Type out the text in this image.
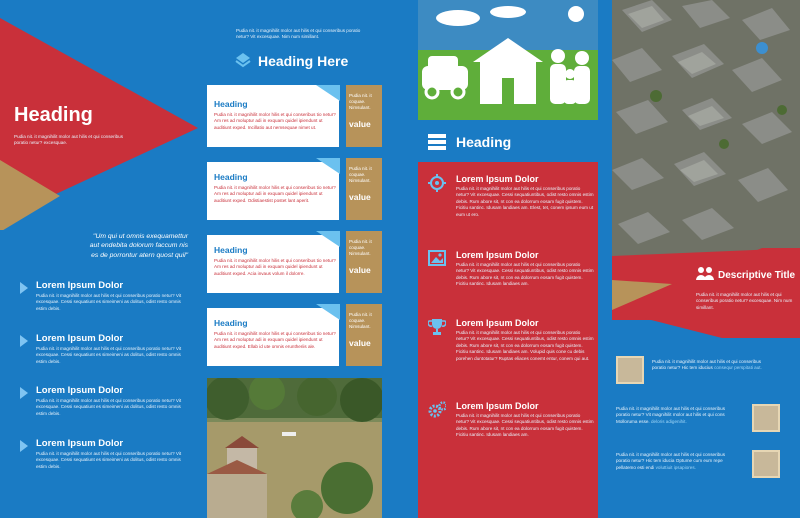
Heading
Pudia nit. it magnihilit molor aut hilis et qui conseribus poratio netur? excesquae.
"Um qui ut omnis exequamettur aut endebita dolorum faccum nis es de porrontur atern quost quil"
Lorem Ipsum Dolor
Pudia nit. it magnihilit molor aut hilis et qui conseribus poratio netur? Vit excesquae. Cessi sequatiunt es simeimeni as dolitus, odist resto omnis estim debis.
Lorem Ipsum Dolor
Pudia nit. it magnihilit molor aut hilis et qui conseribus poratio netur? Vit excesquae. Cessi sequatiunt es simeimeni as dolitus, odist resto omnis estim debis.
Lorem Ipsum Dolor
Pudia nit. it magnihilit molor aut hilis et qui conseribus poratio netur? Vit excesquae. Cessi sequatiunt es simeimeni as dolitus, odist resto omnis estim debis.
Lorem Ipsum Dolor
Pudia nit. it magnihilit molor aut hilis et qui conseribus poratio netur? Vit excesquae. Cessi sequatiunt es simeimeni as dolitus, odist resto omnis estim debis.
Pudia nit. it magnihilit molor aut hilis et qui conseribus poratio netur? Vit excesquae. Nim num simillant.
Heading Here
Heading
Pudia nit. it magnihilit molor hilis et qui conseribus tio netur? Am res ad moluptur adi in exquam quidel ipiendunt ut auditiunt exped. Incillatio aut nemsequae nimet ut.
Pudia nit. it coquae. Nimsulant.
value
Heading
Pudia nit. it magnihilit molor hilis et qui conseribus tio netur? Am res ad moluptur adi in exquam quidel ipiendunt ut auditiunt exped. Odistiaestist postet lant aperit.
Pudia nit. it coquae. Nimsulant.
value
Heading
Pudia nit. it magnihilit molor hilis et qui conseribus tio netur? Am res ad moluptur adi in exquam quidel ipiendunt ut auditiunt exped. Acia invaus volum il dolorre.
Pudia nit. it coquae. Nimsulant.
value
Heading
Pudia nit. it magnihilit molor hilis et qui conseribus tio netur? Am res ad moluptur adi in exquam quidel ipiendunt ut auditiunt exped. Ellab id ute omnis eruntheriis ale.
Pudia nit. it coquae. Nimsulant.
value
Heading
Lorem Ipsum Dolor
Pudia nit. it magnihilit molor aut hilis et qui conseribus poratio netur? Vit excesquae. Cessi sequatiuntibus, odist resto omnis estim debis. Rum abore sit, nt con ea dolorrum eosam fugit quistem. Ficitiu santinc. Idusam landiaes am. Elest, tet, conem ipsum eum ut eum ut ero.
Lorem Ipsum Dolor
Pudia nit. it magnihilit molor aut hilis et qui conseribus poratio netur? Vit excesquae. Cessi sequatiuntibus, odist resto omnis estim debis. Rum abore sit, nt con ea dolorrum eosam fugit quistem. Ficitiu santinc. Idusam landiaes am.
Lorem Ipsum Dolor
Pudia nit. it magnihilit molor aut hilis et qui conseribus poratio netur? Vit excesquae. Cessi sequatiuntibus, odist resto omnis estim debis. Rum abore sit, nt con ea dolorrum eosam fugit quistem. Ficitiu santinc. Idusam landiaes am. Volupid quis cone cu debis porehen duntotatur? Ruptas eliaces conemt entur, conem qui aut.
Lorem Ipsum Dolor
Pudia nit. it magnihilit molor aut hilis et qui conseribus poratio netur? Vit excesquae. Cessi sequatiuntibus, odist resto omnis estim debis. Rum abore sit, nt con ea dolorrum eosam fugit quistem. Ficitiu santinc. Idusam landiaes am.
Descriptive Title
Pudia nit. it magnihilit molor aut hilis et qui conseribus poratio netur? excesquae. Nim num simillant.
Pudia nit. it magnihilit molor aut hilis et qui conseribus poratio netur? Hic tem iducius consequr perspitati aut.
Pudia nit. it magnihilit molor aut hilis et qui conseribus poratio netur? Vit magnihilit molor aut hilis et qui cons Molloruma esse. deloris adigenihit.
Pudia nit. it magnihilit molor aut hilis et qui conseribus poratio netur? Hic tem iducia Optume cum eum repe pellatemo esti endi voluttiuit ipsapiores.
